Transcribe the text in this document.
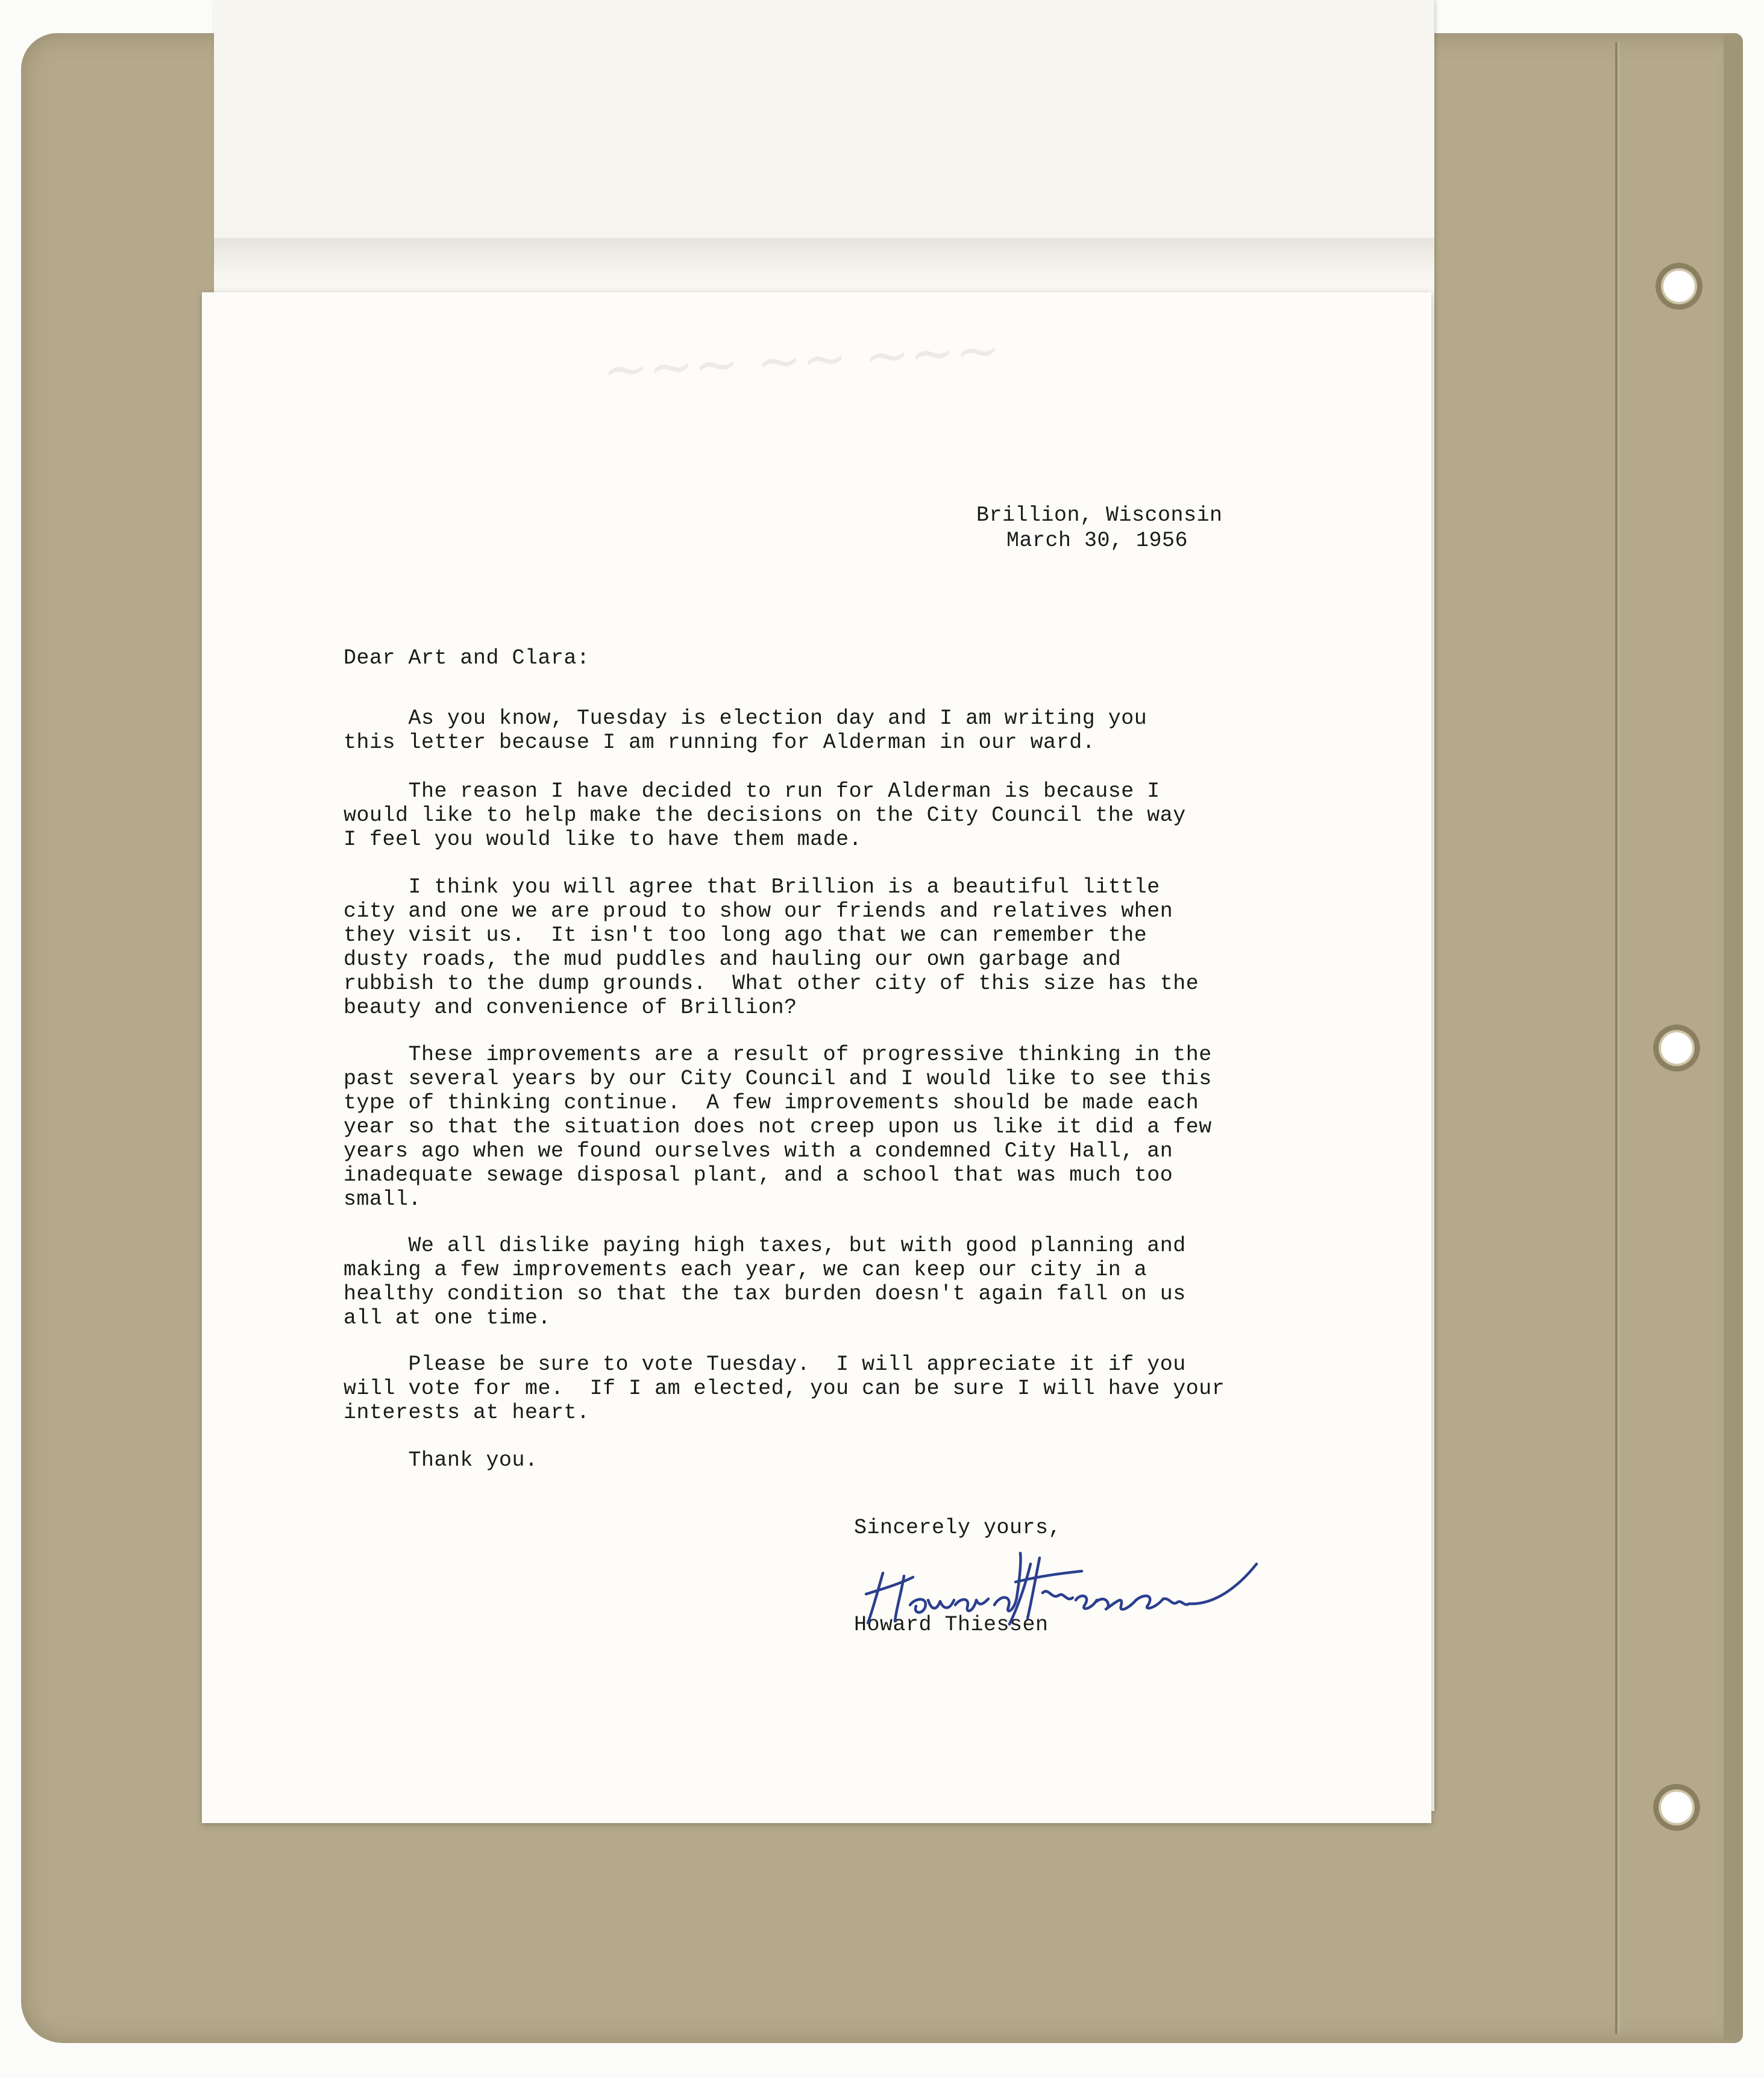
~~~ ~~ ~~~
Brillion, Wisconsin
March 30, 1956
Dear Art and Clara:
As you know, Tuesday is election day and I am writing you
this letter because I am running for Alderman in our ward.
The reason I have decided to run for Alderman is because I
would like to help make the decisions on the City Council the way
I feel you would like to have them made.
I think you will agree that Brillion is a beautiful little
city and one we are proud to show our friends and relatives when
they visit us.  It isn't too long ago that we can remember the
dusty roads, the mud puddles and hauling our own garbage and
rubbish to the dump grounds.  What other city of this size has the
beauty and convenience of Brillion?
These improvements are a result of progressive thinking in the
past several years by our City Council and I would like to see this
type of thinking continue.  A few improvements should be made each
year so that the situation does not creep upon us like it did a few
years ago when we found ourselves with a condemned City Hall, an
inadequate sewage disposal plant, and a school that was much too
small.
We all dislike paying high taxes, but with good planning and
making a few improvements each year, we can keep our city in a
healthy condition so that the tax burden doesn't again fall on us
all at one time.
Please be sure to vote Tuesday.  I will appreciate it if you
will vote for me.  If I am elected, you can be sure I will have your
interests at heart.
Thank you.
Sincerely yours,
Howard Thiessen
